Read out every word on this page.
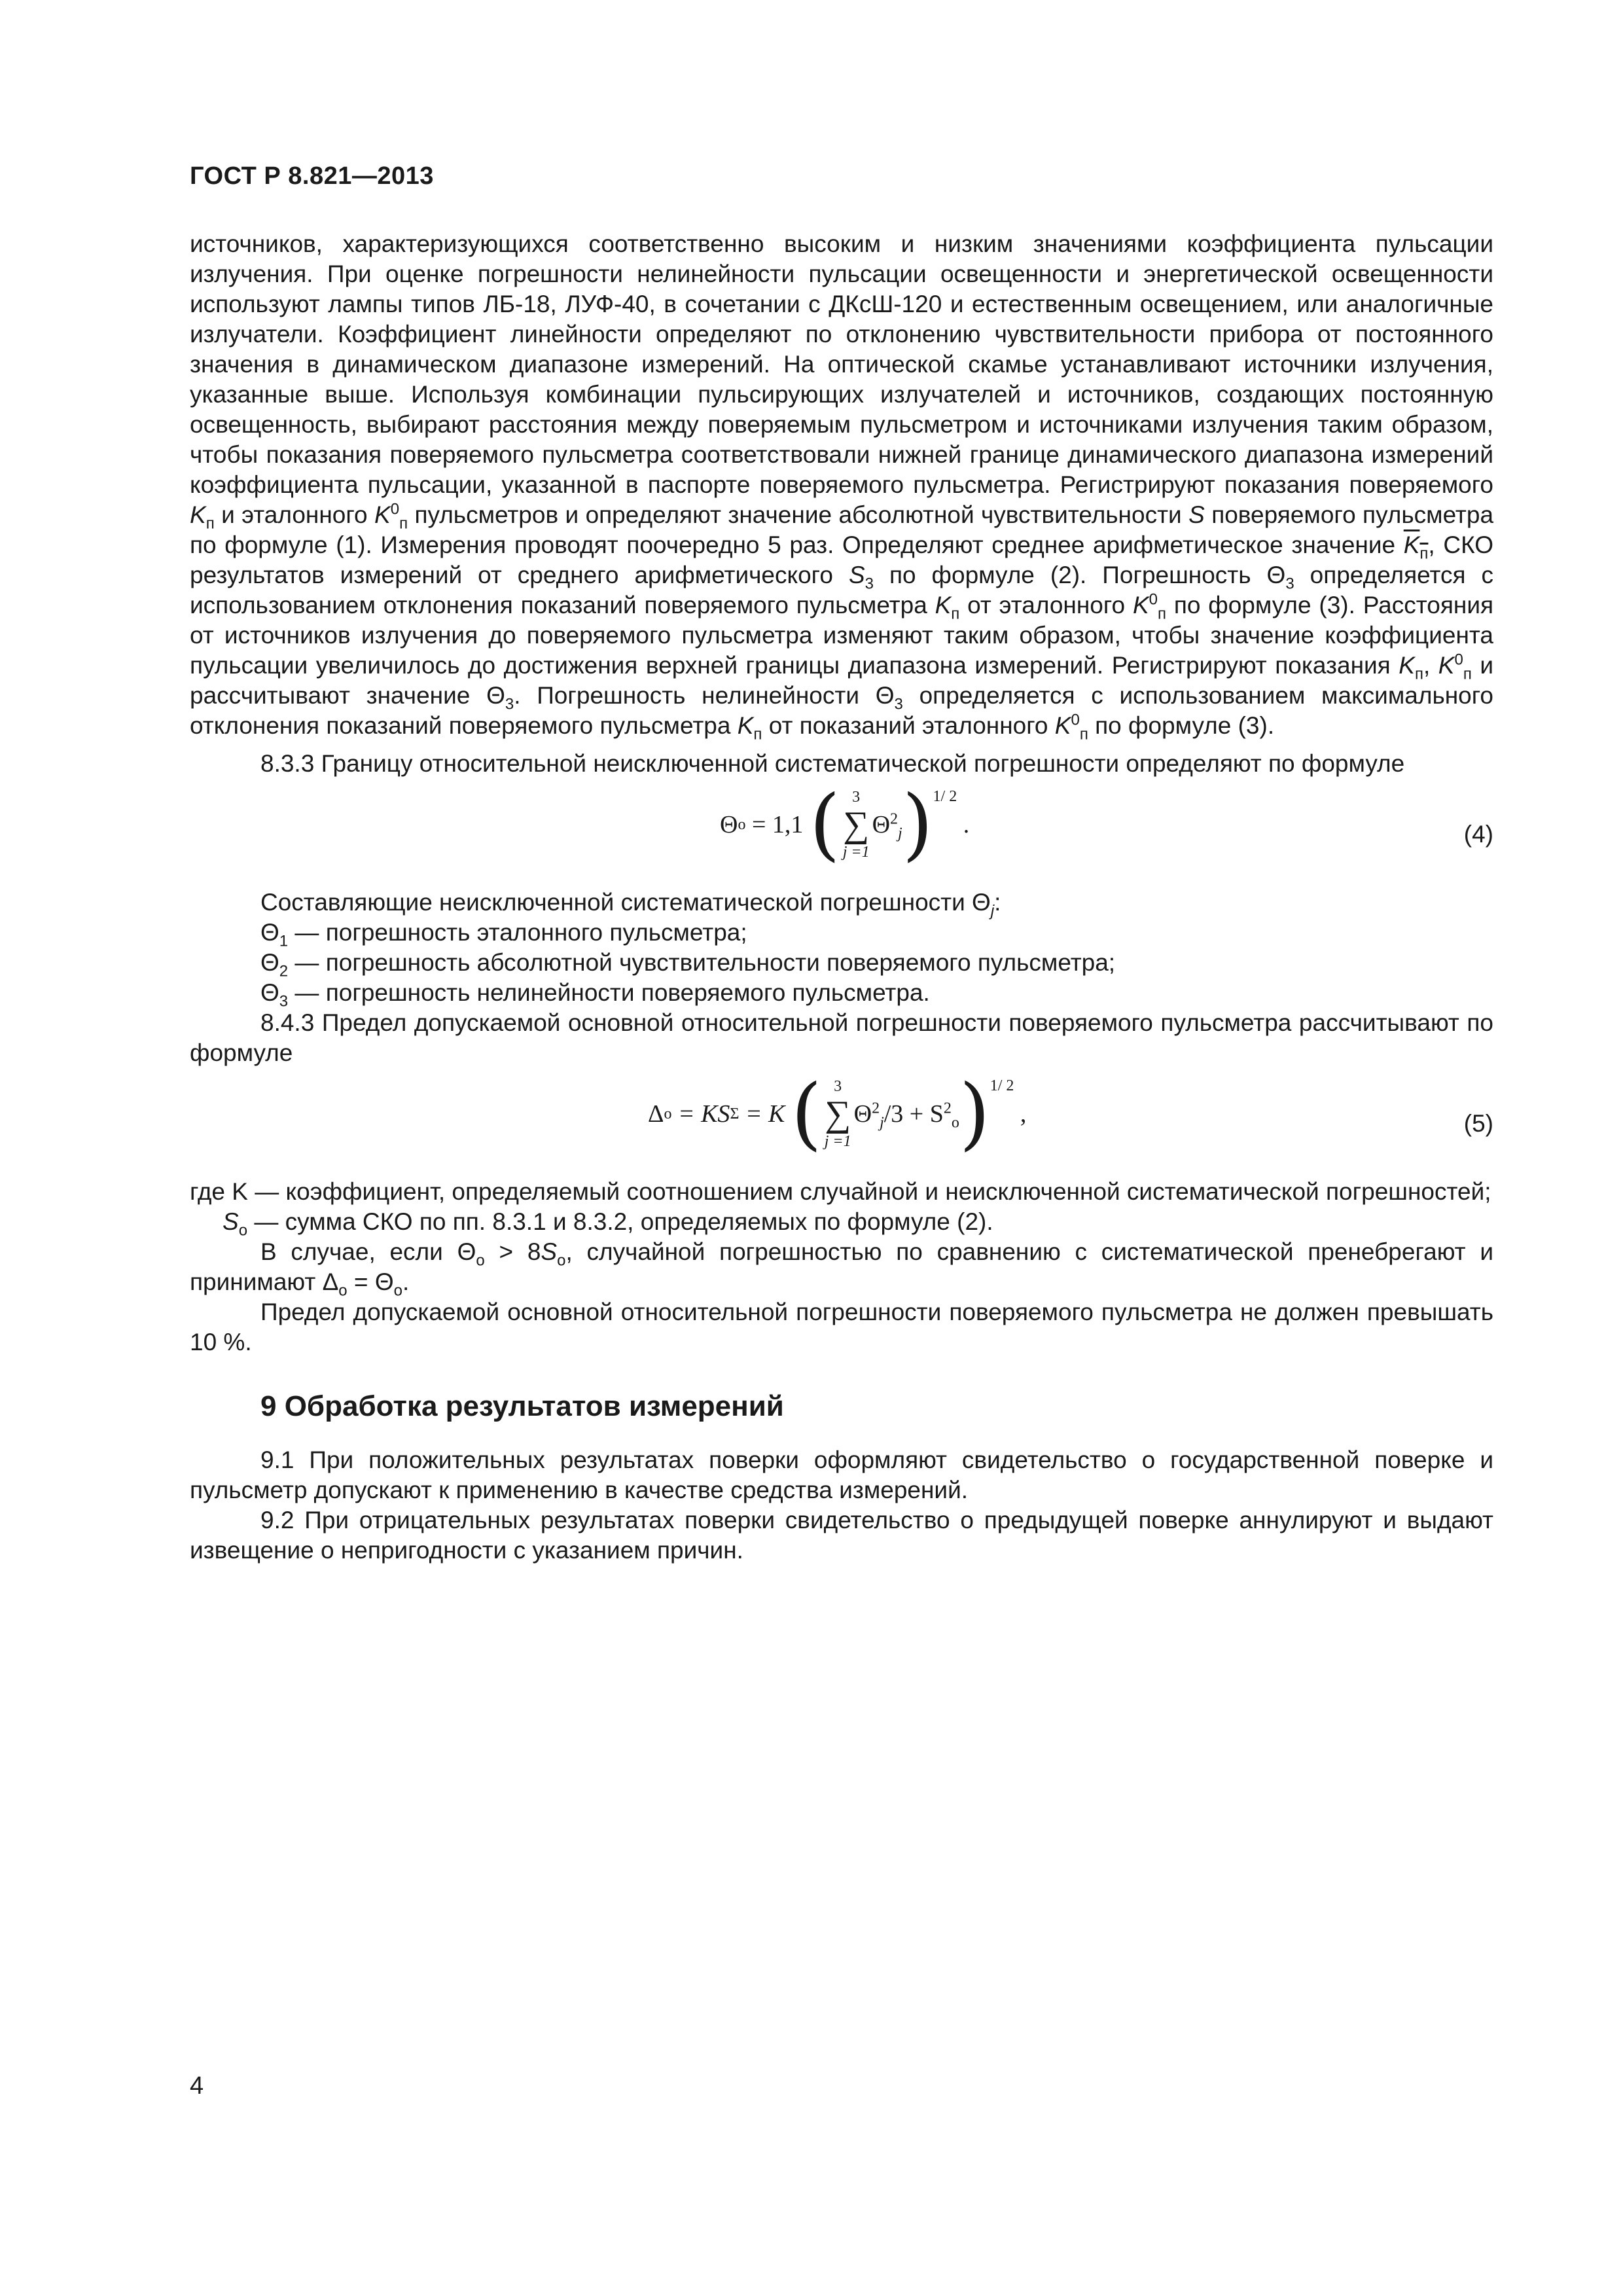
ГОСТ Р 8.821—2013

источников, характеризующихся соответственно высоким и низким значениями коэффициента пульсации излучения. При оценке погрешности нелинейности пульсации освещенности и энергетической освещенности используют лампы типов ЛБ-18, ЛУФ-40, в сочетании с ДКсШ-120 и естественным освещением, или аналогичные излучатели. Коэффициент линейности определяют по отклонению чувствительности прибора от постоянного значения в динамическом диапазоне измерений. На оптической скамье устанавливают источники излучения, указанные выше. Используя комбинации пульсирующих излучателей и источников, создающих постоянную освещенность, выбирают расстояния между поверяемым пульсметром и источниками излучения таким образом, чтобы показания поверяемого пульсметра соответствовали нижней границе динамического диапазона измерений коэффициента пульсации, указанной в паспорте поверяемого пульсметра. Регистрируют показания поверяемого $K_п$ и эталонного $K^0_п$ пульсметров и определяют значение абсолютной чувствительности S поверяемого пульсметра по формуле (1). Измерения проводят поочередно 5 раз. Определяют среднее арифметическое значение $K_п$, СКО результатов измерений от среднего арифметического $S_3$ по формуле (2). Погрешность $\Theta_3$ определяется с использованием отклонения показаний поверяемого пульсметра $K_п$ от эталонного $K^0_п$ по формуле (3). Расстояния от источников излучения до поверяемого пульсметра изменяют таким образом, чтобы значение коэффициента пульсации увеличилось до достижения верхней границы диапазона измерений. Регистрируют показания $K_п$, $K^0_п$ и рассчитывают значение $\Theta_3$. Погрешность нелинейности $\Theta_3$ определяется с использованием максимального отклонения показаний поверяемого пульсметра $K_п$ от показаний эталонного $K^0_п$ по формуле (3).

8.3.3 Границу относительной неисключенной систематической погрешности определяют по формуле

Θо = 1,1 ( 3
∑
j =1
$\Theta^2_j)^{1/ 2}$ .	(4)

Составляющие неисключенной систематической погрешности $\Theta_j$:

$\Theta_1$ — погрешность эталонного пульсметра;

$\Theta_2$ — погрешность абсолютной чувствительности поверяемого пульсметра;

$\Theta_3$ — погрешность нелинейности поверяемого пульсметра.

8.4.3 Предел допускаемой основной относительной погрешности поверяемого пульсметра рассчитывают по формуле

Δо = KSΣ = K ( 3
∑
j =1
$\Theta^2_j/3 + S^2_о)^{1/ 2}$ ,	(5)

где K — коэффициент, определяемый соотношением случайной и неисключенной систематической погрешностей;

$S_о$ — сумма СКО по пп. 8.3.1 и 8.3.2, определяемых по формуле (2).

В случае, если $\Theta_о > 8S_о$, случайной погрешностью по сравнению с систематической пренебрегают и принимают $\Delta_о = \Theta_о$.

Предел допускаемой основной относительной погрешности поверяемого пульсметра не должен превышать 10 %.

9 Обработка результатов измерений

9.1 При положительных результатах поверки оформляют свидетельство о государственной поверке и пульсметр допускают к применению в качестве средства измерений.

9.2 При отрицательных результатах поверки свидетельство о предыдущей поверке аннулируют и выдают извещение о непригодности с указанием причин.

4
